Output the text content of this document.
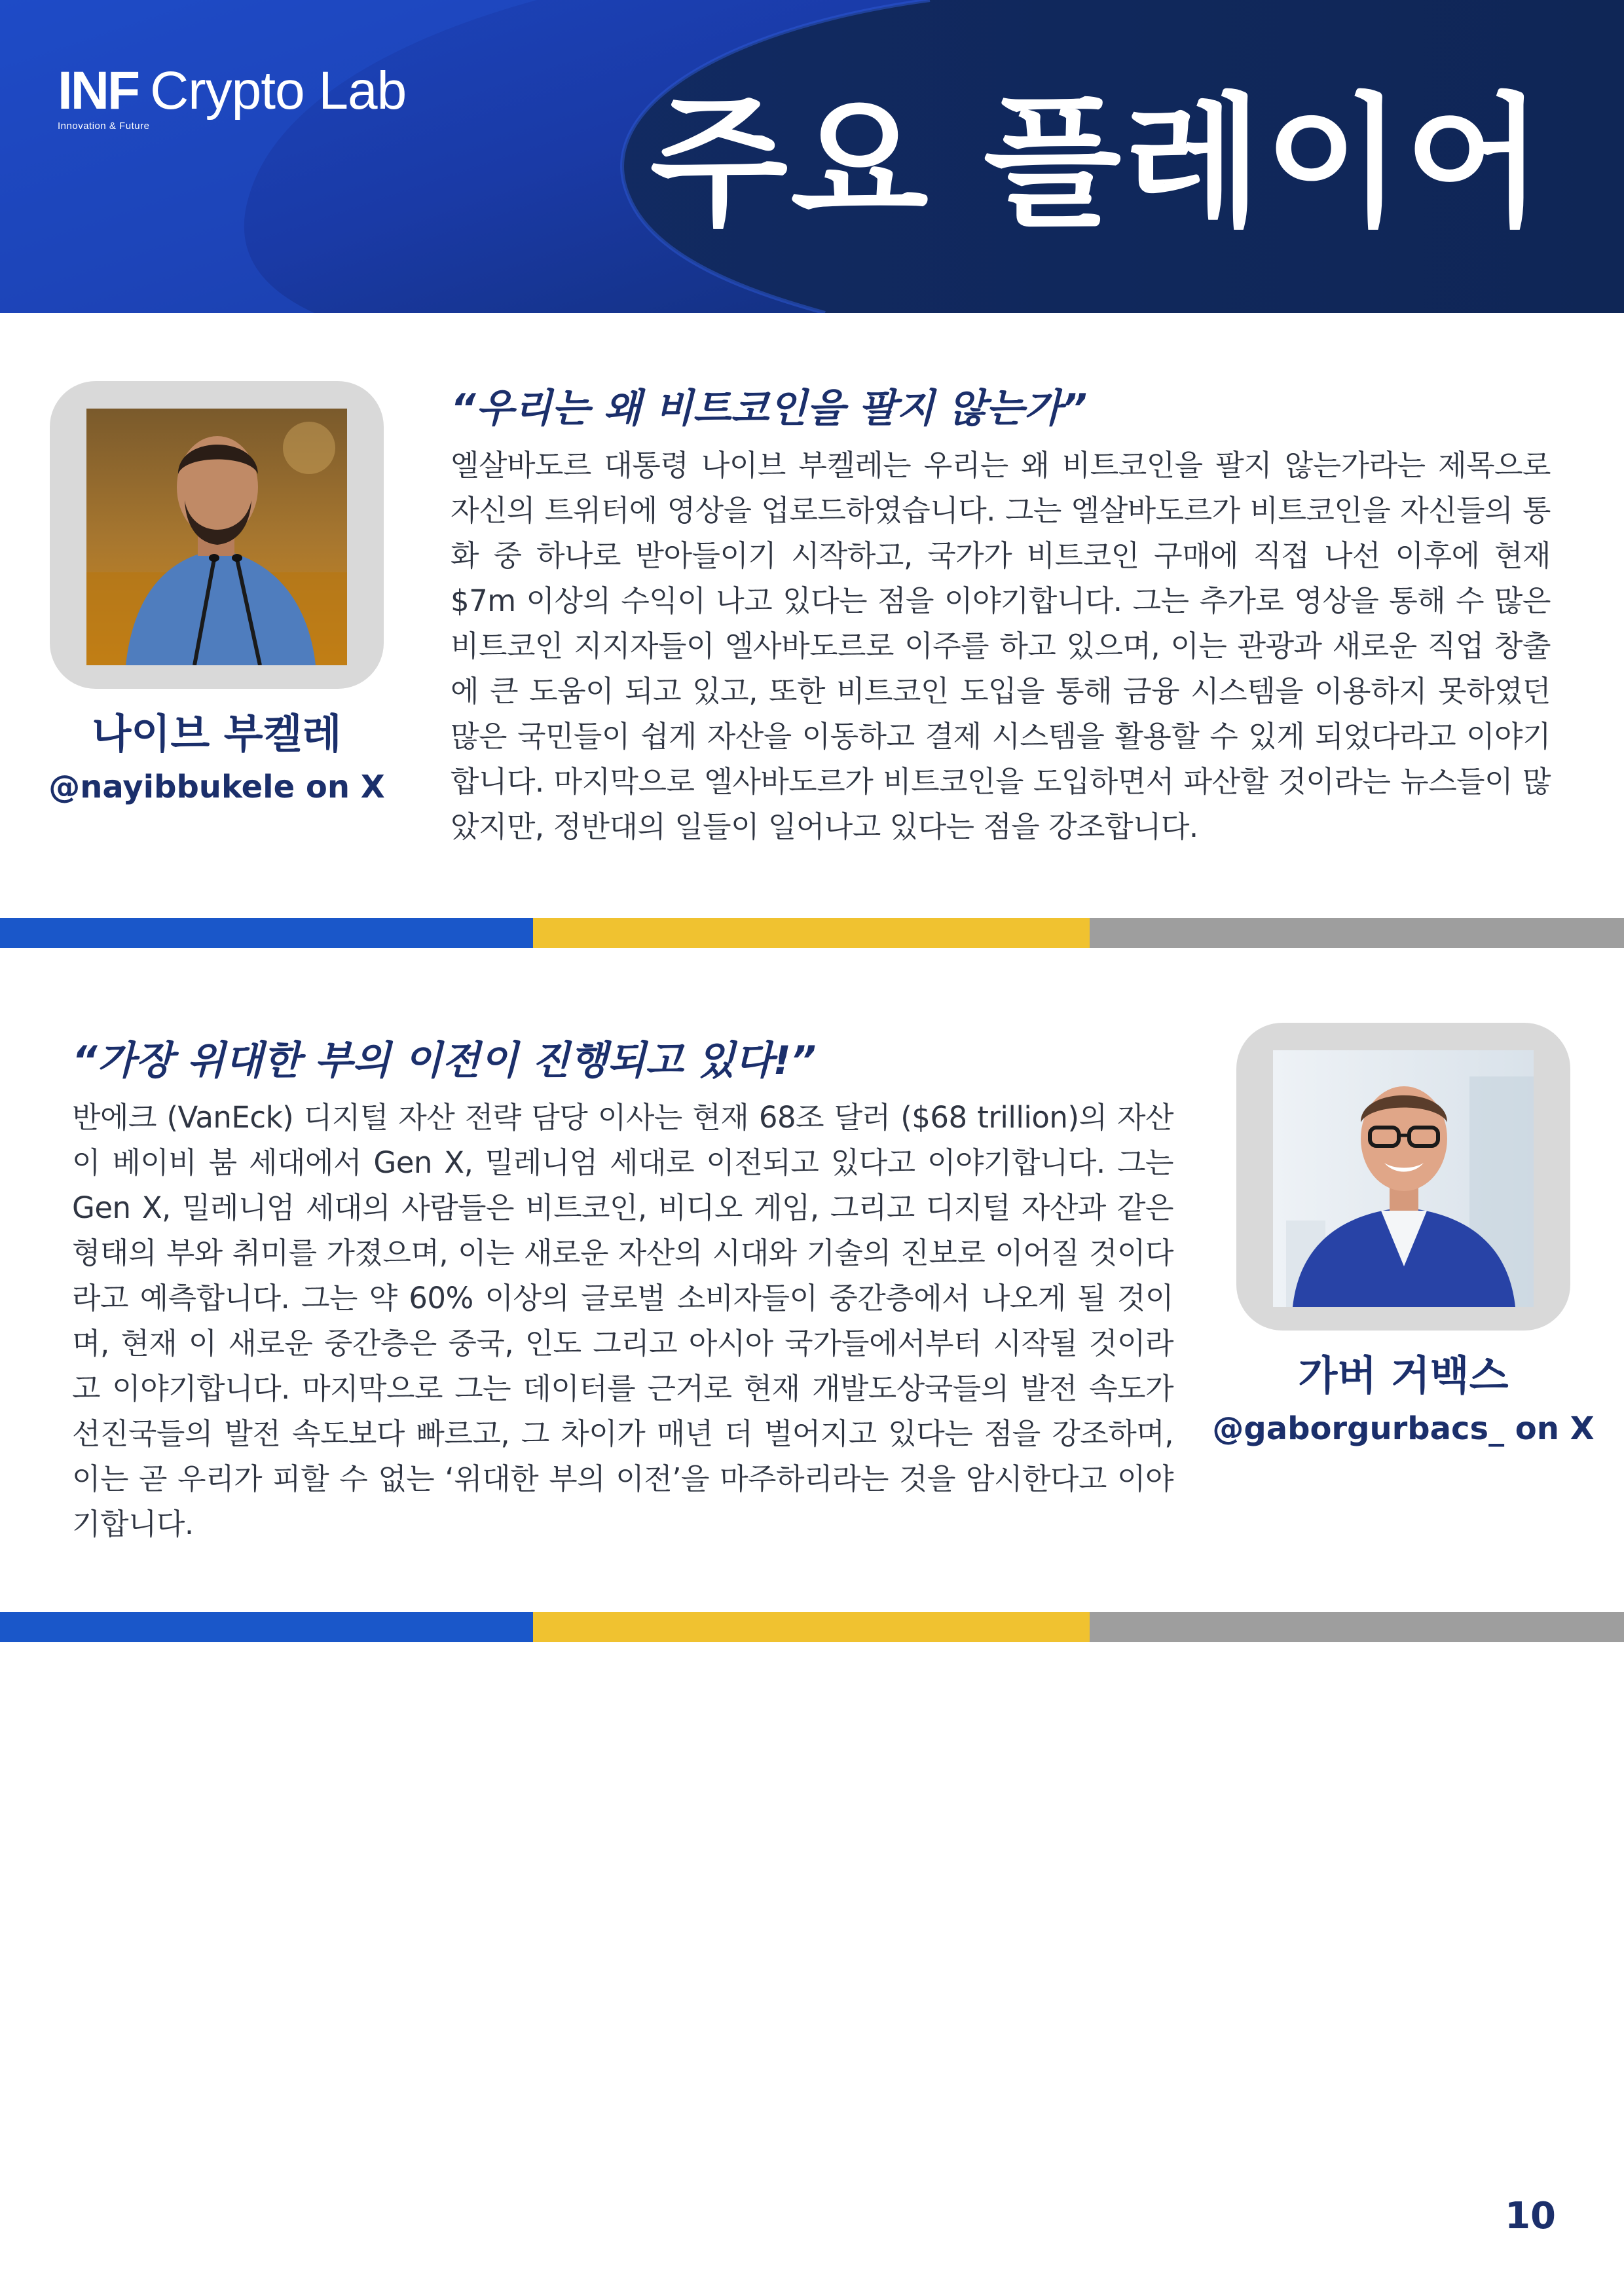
INF Crypto Lab
Innovation & Future	주요 플레이어
나이브 부켈레
@nayibbukele on X
“우리는 왜 비트코인을 팔지 않는가”
엘살바도르 대통령 나이브 부켈레는 우리는 왜 비트코인을 팔지 않는가라는 제목으로 자신의 트위터에 영상을 업로드하였습니다. 그는 엘살바도르가 비트코인을 자신들의 통화 중 하나로 받아들이기 시작하고, 국가가 비트코인 구매에 직접 나선 이후에 현재 $7m 이상의 수익이 나고 있다는 점을 이야기합니다. 그는 추가로 영상을 통해 수 많은 비트코인 지지자들이 엘사바도르로 이주를 하고 있으며, 이는 관광과 새로운 직업 창출에 큰 도움이 되고 있고, 또한 비트코인 도입을 통해 금융 시스템을 이용하지 못하였던 많은 국민들이 쉽게 자산을 이동하고 결제 시스템을 활용할 수 있게 되었다라고 이야기합니다. 마지막으로 엘사바도르가 비트코인을 도입하면서 파산할 것이라는 뉴스들이 많았지만, 정반대의 일들이 일어나고 있다는 점을 강조합니다.
“가장 위대한 부의 이전이 진행되고 있다!”
반에크 (VanEck) 디지털 자산 전략 담당 이사는 현재 68조 달러 ($68 trillion)의 자산이 베이비 붐 세대에서 Gen X, 밀레니엄 세대로 이전되고 있다고 이야기합니다. 그는 Gen X, 밀레니엄 세대의 사람들은 비트코인, 비디오 게임, 그리고 디지털 자산과 같은 형태의 부와 취미를 가졌으며, 이는 새로운 자산의 시대와 기술의 진보로 이어질 것이다라고 예측합니다. 그는 약 60% 이상의 글로벌 소비자들이 중간층에서 나오게 될 것이며, 현재 이 새로운 중간층은 중국, 인도 그리고 아시아 국가들에서부터 시작될 것이라고 이야기합니다. 마지막으로 그는 데이터를 근거로 현재 개발도상국들의 발전 속도가 선진국들의 발전 속도보다 빠르고, 그 차이가 매년 더 벌어지고 있다는 점을 강조하며, 이는 곧 우리가 피할 수 없는 ‘위대한 부의 이전’을 마주하리라는 것을 암시한다고 이야기합니다.
가버 거백스
@gaborgurbacs_ on X
10
